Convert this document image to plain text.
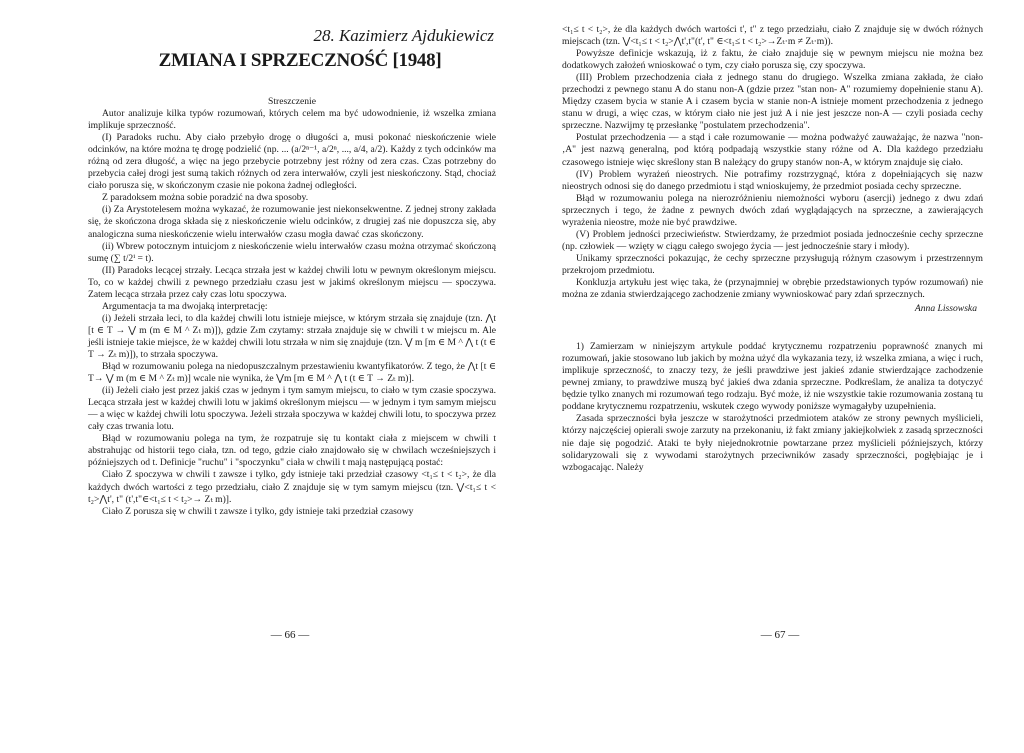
28. Kazimierz Ajdukiewicz
ZMIANA I SPRZECZNOŚĆ [1948]

Streszczenie

Autor analizuje kilka typów rozumowań, których celem ma być udowodnienie, iż wszelka zmiana implikuje sprzeczność.

(I) Paradoks ruchu. Aby ciało przebyło drogę o długości a, musi pokonać nieskończenie wiele odcinków, na które można tę drogę podzielić (np. ... (a/2ⁿ⁻¹, a/2ⁿ, ..., a/4, a/2). Każdy z tych odcinków ma różną od zera długość, a więc na jego przebycie potrzebny jest różny od zera czas. Czas potrzebny do przebycia całej drogi jest sumą takich różnych od zera interwałów, czyli jest nieskończony. Stąd, chociaż ciało porusza się, w skończonym czasie nie pokona żadnej odległości.

Z paradoksem można sobie poradzić na dwa sposoby.

(i) Za Arystotelesem można wykazać, że rozumowanie jest niekonsekwentne. Z jednej strony zakłada się, że skończona droga składa się z nieskończenie wielu odcinków, z drugiej zaś nie dopuszcza się, aby analogiczna suma nieskończenie wielu interwałów czasu mogła dawać czas skończony.

(ii) Wbrew potocznym intuicjom z nieskończenie wielu interwałów czasu można otrzymać skończoną sumę (∑ t/2ⁱ = t).

(II) Paradoks lecącej strzały. Lecąca strzała jest w każdej chwili lotu w pewnym określonym miejscu. To, co w każdej chwili z pewnego przedziału czasu jest w jakimś określonym miejscu — spoczywa. Zatem lecąca strzała przez cały czas lotu spoczywa.

Argumentacja ta ma dwojaką interpretację:

(i) Jeżeli strzała leci, to dla każdej chwili lotu istnieje miejsce, w którym strzała się znajduje (tzn. ⋀t [t ∈ T → ⋁ m (m ∈ M ^ Zₜ m)]), gdzie Zₜm czytamy: strzała znajduje się w chwili t w miejscu m. Ale jeśli istnieje takie miejsce, że w każdej chwili lotu strzała w nim się znajduje (tzn. ⋁ m [m ∈ M ^ ⋀ t (t ∈ T → Zₜ m)]), to strzała spoczywa.

Błąd w rozumowaniu polega na niedopuszczalnym przestawieniu kwantyfikatorów. Z tego, że ⋀t [t ∈ T→ ⋁ m (m ∈ M ^ Zₜ m)] wcale nie wynika, że ⋁m [m ∈ M ^ ⋀ t (t ∈ T → Zₜ m)].

(ii) Jeżeli ciało jest przez jakiś czas w jednym i tym samym miejscu, to ciało w tym czasie spoczywa. Lecąca strzała jest w każdej chwili lotu w jakimś określonym miejscu — w jednym i tym samym miejscu — a więc w każdej chwili lotu spoczywa. Jeżeli strzała spoczywa w każdej chwili lotu, to spoczywa przez cały czas trwania lotu.

Błąd w rozumowaniu polega na tym, że rozpatruje się tu kontakt ciała z miejscem w chwili t abstrahując od historii tego ciała, tzn. od tego, gdzie ciało znajdowało się w chwilach wcześniejszych i późniejszych od t. Definicje "ruchu" i "spoczynku" ciała w chwili t mają następującą postać:

Ciało Z spoczywa w chwili t zawsze i tylko, gdy istnieje taki przedział czasowy <t₁≤ t < t₂>, że dla każdych dwóch wartości z tego przedziału, ciało Z znajduje się w tym samym miejscu (tzn. ⋁<t₁≤ t < t₂>⋀t', t" (t',t"∈<t₁≤ t < t₂>→ Zₜ m)].

Ciało Z porusza się w chwili t zawsze i tylko, gdy istnieje taki przedział czasowy

— 66 —

<t₁≤ t < t₂>, że dla każdych dwóch wartości t', t" z tego przedziału, ciało Z znajduje się w dwóch różnych miejscach (tzn. ⋁<t₁≤ t < t₂>⋀t',t"(t', t" ∈<t₁≤ t < t₂>→Zₜ·m ≠ Zₜ·m)).

Powyższe definicje wskazują, iż z faktu, że ciało znajduje się w pewnym miejscu nie można bez dodatkowych założeń wnioskować o tym, czy ciało porusza się, czy spoczywa.

(III) Problem przechodzenia ciała z jednego stanu do drugiego. Wszelka zmiana zakłada, że ciało przechodzi z pewnego stanu A do stanu non-A (gdzie przez "stan non- A" rozumiemy dopełnienie stanu A). Między czasem bycia w stanie A i czasem bycia w stanie non-A istnieje moment przechodzenia z jednego stanu w drugi, a więc czas, w którym ciało nie jest już A i nie jest jeszcze non-A — czyli posiada cechy sprzeczne. Nazwijmy tę przesłankę "postulatem przechodzenia".

Postulat przechodzenia — a stąd i całe rozumowanie — można podważyć zauważając, że nazwa "non-‚A" jest nazwą generalną, pod którą podpadają wszystkie stany różne od A. Dla każdego przedziału czasowego istnieje więc skreślony stan B należący do grupy stanów non-A, w którym znajduje się ciało.

(IV) Problem wyrażeń nieostrych. Nie potrafimy rozstrzygnąć, która z dopełniających się nazw nieostrych odnosi się do danego przedmiotu i stąd wnioskujemy, że przedmiot posiada cechy sprzeczne.

Błąd w rozumowaniu polega na nierozróżnieniu niemożności wyboru (asercji) jednego z dwu zdań sprzecznych i tego, że żadne z pewnych dwóch zdań wyglądających na sprzeczne, a zawierających wyrażenia nieostre, może nie być prawdziwe.

(V) Problem jedności przeciwieństw. Stwierdzamy, że przedmiot posiada jednocześnie cechy sprzeczne (np. człowiek — wzięty w ciągu całego swojego życia — jest jednocześnie stary i młody).

Unikamy sprzeczności pokazując, że cechy sprzeczne przysługują różnym czasowym i przestrzennym przekrojom przedmiotu.

Konkluzja artykułu jest więc taka, że (przynajmniej w obrębie przedstawionych typów rozumowań) nie można ze zdania stwierdzającego zachodzenie zmiany wywnioskować pary zdań sprzecznych.

Anna Lissowska

1) Zamierzam w niniejszym artykule poddać krytycznemu rozpatrzeniu poprawność znanych mi rozumowań, jakie stosowano lub jakich by można użyć dla wykazania tezy, iż wszelka zmiana, a więc i ruch, implikuje sprzeczność, to znaczy tezy, że jeśli prawdziwe jest jakieś zdanie stwierdzające zachodzenie pewnej zmiany, to prawdziwe muszą być jakieś dwa zdania sprzeczne. Podkreślam, że analiza ta dotyczyć będzie tylko znanych mi rozumowań tego rodzaju. Być może, iż nie wszystkie takie rozumowania zostaną tu poddane krytycznemu rozpatrzeniu, wskutek czego wywody poniższe wymagałyby uzupełnienia.

Zasada sprzeczności była jeszcze w starożytności przedmiotem ataków ze strony pewnych myślicieli, którzy najczęściej opierali swoje zarzuty na przekonaniu, iż fakt zmiany jakiejkolwiek z zasadą sprzeczności nie daje się pogodzić. Ataki te były niejednokrotnie powtarzane przez myślicieli późniejszych, którzy solidaryzowali się z wywodami starożytnych przeciwników zasady sprzeczności, pogłębiając je i wzbogacając. Należy

— 67 —
